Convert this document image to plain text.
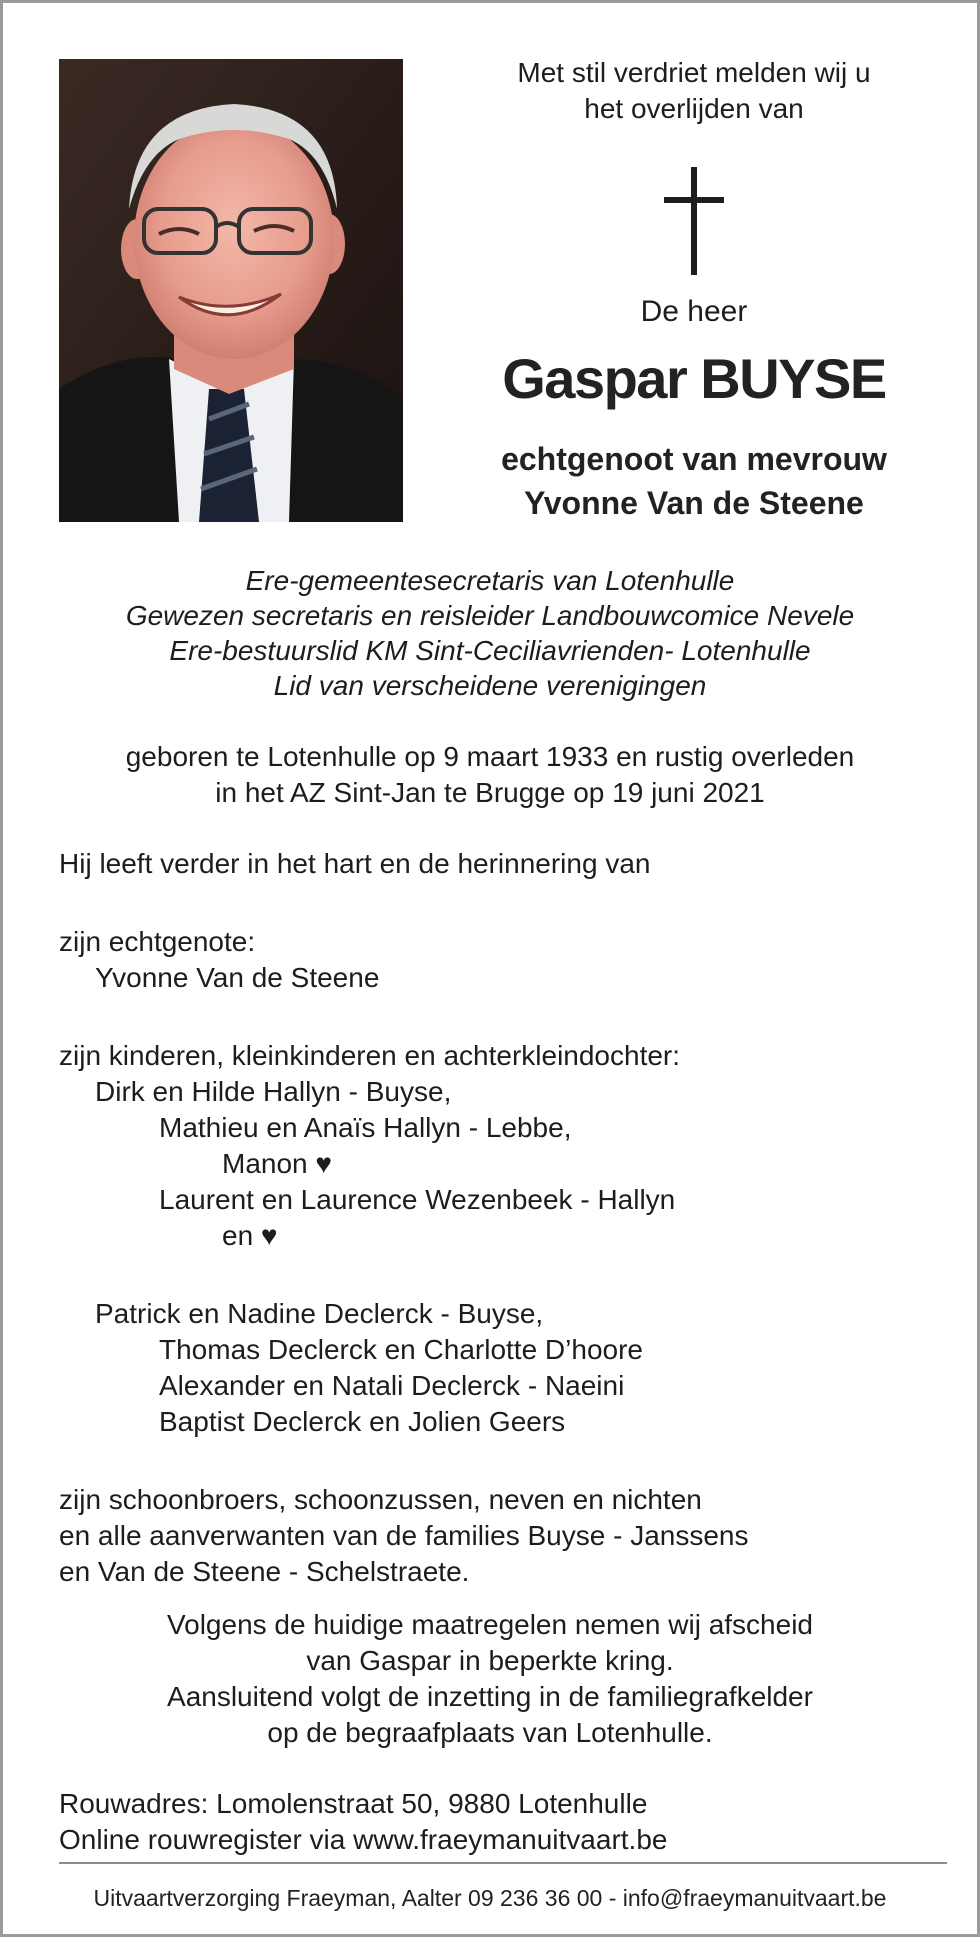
Met stil verdriet melden wij u
het overlijden van
De heer
Gaspar BUYSE
echtgenoot van mevrouw
Yvonne Van de Steene
Ere-gemeentesecretaris van Lotenhulle
Gewezen secretaris en reisleider Landbouwcomice Nevele
Ere-bestuurslid KM Sint-Ceciliavrienden- Lotenhulle
Lid van verscheidene verenigingen
geboren te Lotenhulle op 9 maart 1933 en rustig overleden
in het AZ Sint-Jan te Brugge op 19 juni 2021

Hij leeft verder in het hart en de herinnering van

zijn echtgenote:

Yvonne Van de Steene

zijn kinderen, kleinkinderen en achterkleindochter:

Dirk en Hilde Hallyn - Buyse,

Mathieu en Anaïs Hallyn - Lebbe,

Manon ♥

Laurent en Laurence Wezenbeek - Hallyn

en ♥

Patrick en Nadine Declerck - Buyse,

Thomas Declerck en Charlotte D’hoore

Alexander en Natali Declerck - Naeini

Baptist Declerck en Jolien Geers

zijn schoonbroers, schoonzussen, neven en nichten

en alle aanverwanten van de families Buyse - Janssens

en Van de Steene - Schelstraete.

Volgens de huidige maatregelen nemen wij afscheid
van Gaspar in beperkte kring.
Aansluitend volgt de inzetting in de familiegrafkelder
op de begraafplaats van Lotenhulle.
Rouwadres: Lomolenstraat 50, 9880 Lotenhulle
Online rouwregister via www.fraeymanuitvaart.be
Uitvaartverzorging Fraeyman, Aalter 09 236 36 00 - info@fraeymanuitvaart.be
